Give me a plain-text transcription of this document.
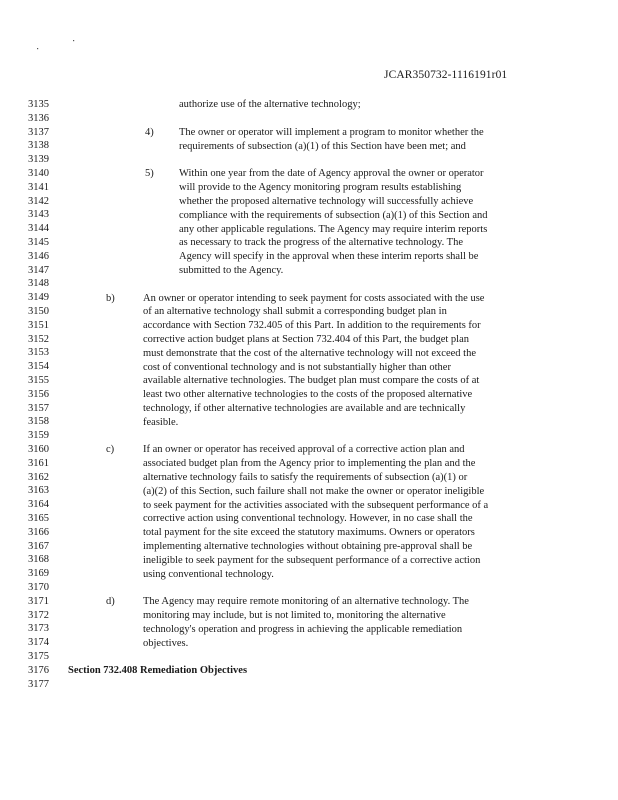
JCAR350732-1116191r01
3135
3136
3137
3138
3139
3140
3141
3142
3143
3144
3145
3146
3147
3148
3149
3150
3151
3152
3153
3154
3155
3156
3157
3158
3159
3160
3161
3162
3163
3164
3165
3166
3167
3168
3169
3170
3171
3172
3173
3174
3175
3176
3177
authorize use of the alternative technology;
4) The owner or operator will implement a program to monitor whether the
requirements of subsection (a)(1) of this Section have been met; and
5) Within one year from the date of Agency approval the owner or operator
will provide to the Agency monitoring program results establishing
whether the proposed alternative technology will successfully achieve
compliance with the requirements of subsection (a)(1) of this Section and
any other applicable regulations. The Agency may require interim reports
as necessary to track the progress of the alternative technology. The
Agency will specify in the approval when these interim reports shall be
submitted to the Agency.
b)	An owner or operator intending to seek payment for costs associated with the use
of an alternative technology shall submit a corresponding budget plan in
accordance with Section 732.405 of this Part. In addition to the requirements for
corrective action budget plans at Section 732.404 of this Part, the budget plan
must demonstrate that the cost of the alternative technology will not exceed the
cost of conventional technology and is not substantially higher than other
available alternative technologies. The budget plan must compare the costs of at
least two other alternative technologies to the costs of the proposed alternative
technology, if other alternative technologies are available and are technically
feasible.
c)	If an owner or operator has received approval of a corrective action plan and
associated budget plan from the Agency prior to implementing the plan and the
alternative technology fails to satisfy the requirements of subsection (a)(1) or
(a)(2) of this Section, such failure shall not make the owner or operator ineligible
to seek payment for the activities associated with the subsequent performance of a
corrective action using conventional technology. However, in no case shall the
total payment for the site exceed the statutory maximums. Owners or operators
implementing alternative technologies without obtaining pre-approval shall be
ineligible to seek payment for the subsequent performance of a corrective action
using conventional technology.
d)	The Agency may require remote monitoring of an alternative technology. The
monitoring may include, but is not limited to, monitoring the alternative
technology's operation and progress in achieving the applicable remediation
objectives.
Section 732.408 Remediation Objectives
